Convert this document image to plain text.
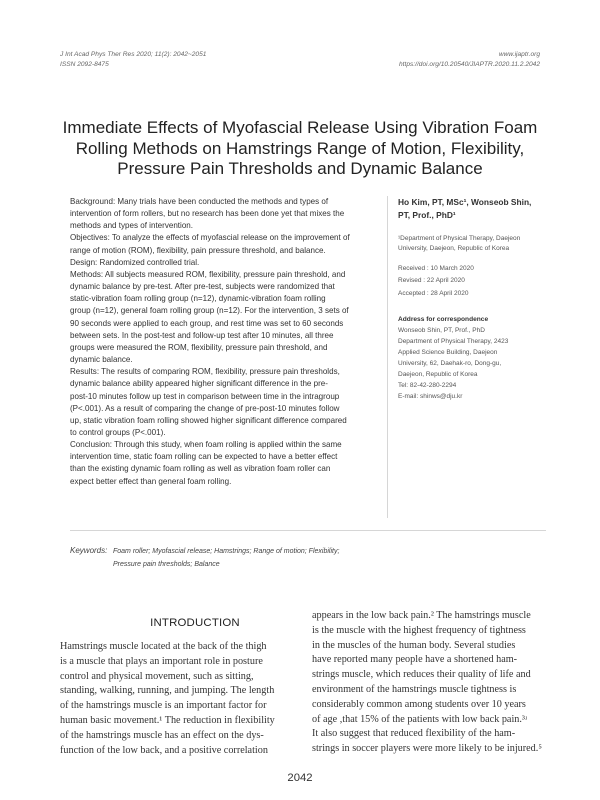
J Int Acad Phys Ther Res 2020; 11(2): 2042~2051
ISSN 2092-8475
www.ijaptr.org
https://doi.org/10.20540/JIAPTR.2020.11.2.2042
Immediate Effects of Myofascial Release Using Vibration Foam Rolling Methods on Hamstrings Range of Motion, Flexibility, Pressure Pain Thresholds and Dynamic Balance

Background: Many trials have been conducted the methods and types of
intervention of form rollers, but no research has been done yet that mixes the
methods and types of intervention.

Objectives: To analyze the effects of myofascial release on the improvement of
range of motion (ROM), flexibility, pain pressure threshold, and balance.

Design: Randomized controlled trial.

Methods: All subjects measured ROM, flexibility, pressure pain threshold, and
dynamic balance by pre-test. After pre-test, subjects were randomized that
static-vibration foam rolling group (n=12), dynamic-vibration foam rolling
group (n=12), general foam rolling group (n=12). For the intervention, 3 sets of
90 seconds were applied to each group, and rest time was set to 60 seconds
between sets. In the post-test and follow-up test after 10 minutes, all three
groups were measured the ROM, flexibility, pressure pain threshold, and
dynamic balance.

Results: The results of comparing ROM, flexibility, pressure pain thresholds,
dynamic balance ability appeared higher significant difference in the pre-
post-10 minutes follow up test in comparison between time in the intragroup
(P<.001). As a result of comparing the change of pre-post-10 minutes follow
up, static vibration foam rolling showed higher significant difference compared
to control groups (P<.001).

Conclusion: Through this study, when foam rolling is applied within the same
intervention time, static foam rolling can be expected to have a better effect
than the existing dynamic foam rolling as well as vibration foam roller can
expect better effect than general foam rolling.

Ho Kim, PT, MSc¹, Wonseob Shin,
PT, Prof., PhD¹

¹Department of Physical Therapy, Daejeon
University, Daejeon, Republic of Korea
Received : 10 March 2020
Revised : 22 April 2020
Accepted : 28 April 2020
Address for correspondence
Wonseob Shin, PT, Prof., PhD
Department of Physical Therapy, 2423
Applied Science Building, Daejeon
University, 62, Daehak-ro, Dong-gu,
Daejeon, Republic of Korea
Tel: 82-42-280-2294
E-mail: shinws@dju.kr
Keywords: Foam roller; Myofascial release; Hamstrings; Range of motion; Flexibility;
Pressure pain thresholds; Balance
INTRODUCTION
Hamstrings muscle located at the back of the thigh
is a muscle that plays an important role in posture
control and physical movement, such as sitting,
standing, walking, running, and jumping. The length
of the hamstrings muscle is an important factor for
human basic movement.¹ The reduction in flexibility
of the hamstrings muscle has an effect on the dys-
function of the low back, and a positive correlation
appears in the low back pain.² The hamstrings muscle
is the muscle with the highest frequency of tightness
in the muscles of the human body. Several studies
have reported many people have a shortened ham-
strings muscle, which reduces their quality of life and
environment of the hamstrings muscle tightness is
considerably common among students over 10 years
of age ,that 15% of the patients with low back pain.³ʴ
It also suggest that reduced flexibility of the ham-
strings in soccer players were more likely to be injured.⁵
2042
